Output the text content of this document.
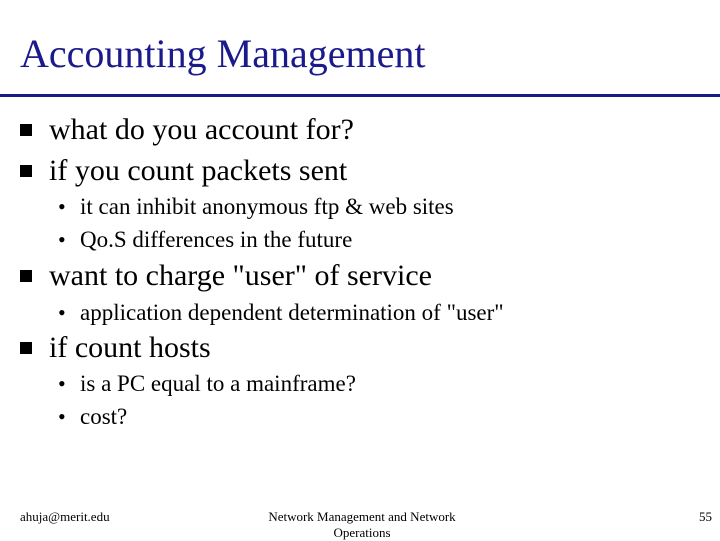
Accounting Management
what do you account for?
if you count packets sent
• it can inhibit anonymous ftp & web sites
• Qo.S differences in the future
want to charge "user" of service
• application dependent determination of "user"
if count hosts
• is a PC equal to a mainframe?
• cost?
ahuja@merit.edu	Network Management and Network Operations
55
